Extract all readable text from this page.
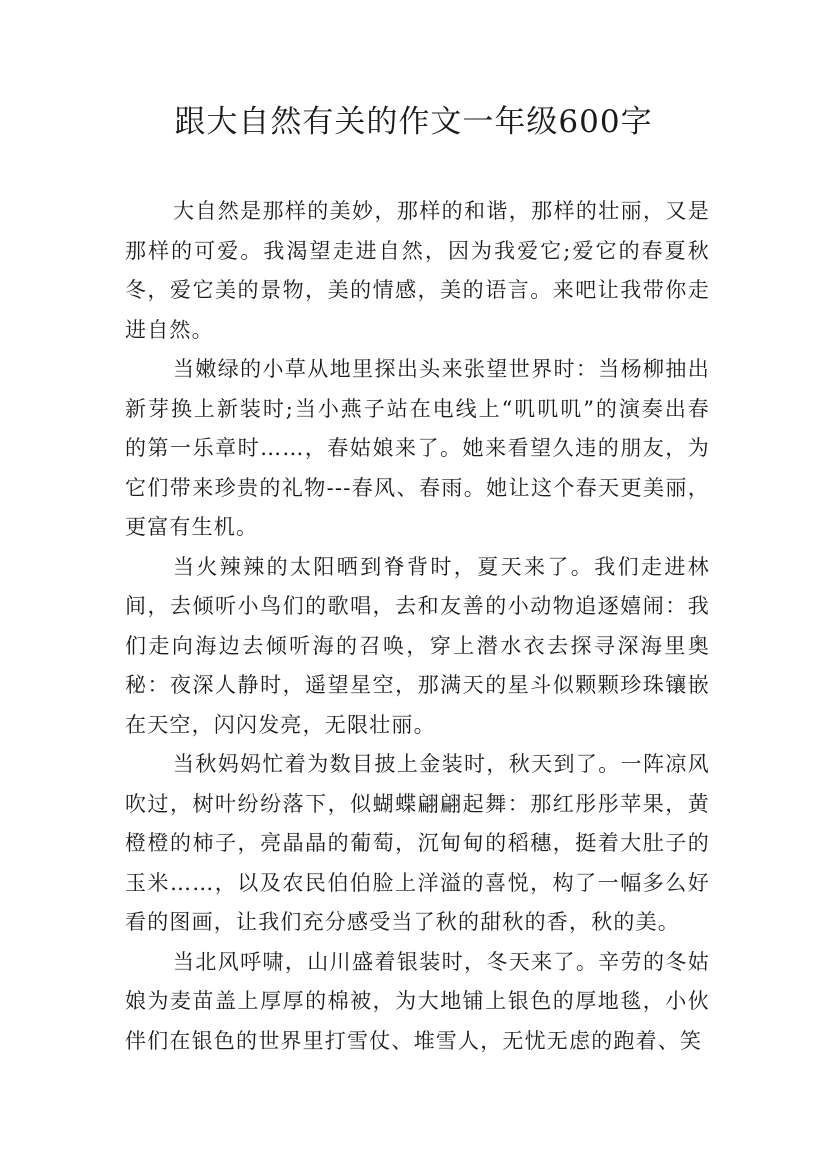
跟大自然有关的作文一年级600字

大自然是那样的美妙，那样的和谐，那样的壮丽，又是那样的可爱。我渴望走进自然，因为我爱它;爱它的春夏秋冬，爱它美的景物，美的情感，美的语言。来吧让我带你走进自然。

当嫩绿的小草从地里探出头来张望世界时：当杨柳抽出新芽换上新装时;当小燕子站在电线上“叽叽叽”的演奏出春的第一乐章时……，春姑娘来了。她来看望久违的朋友，为它们带来珍贵的礼物---春风、春雨。她让这个春天更美丽，更富有生机。

当火辣辣的太阳晒到脊背时，夏天来了。我们走进林间，去倾听小鸟们的歌唱，去和友善的小动物追逐嬉闹：我们走向海边去倾听海的召唤，穿上潜水衣去探寻深海里奥秘：夜深人静时，遥望星空，那满天的星斗似颗颗珍珠镶嵌在天空，闪闪发亮，无限壮丽。

当秋妈妈忙着为数目披上金装时，秋天到了。一阵凉风吹过，树叶纷纷落下，似蝴蝶翩翩起舞：那红彤彤苹果，黄橙橙的柿子，亮晶晶的葡萄，沉甸甸的稻穗，挺着大肚子的玉米……，以及农民伯伯脸上洋溢的喜悦，构了一幅多么好看的图画，让我们充分感受当了秋的甜秋的香，秋的美。

当北风呼啸，山川盛着银装时，冬天来了。辛劳的冬姑娘为麦苗盖上厚厚的棉被，为大地铺上银色的厚地毯，小伙伴们在银色的世界里打雪仗、堆雪人，无忧无虑的跑着、笑
